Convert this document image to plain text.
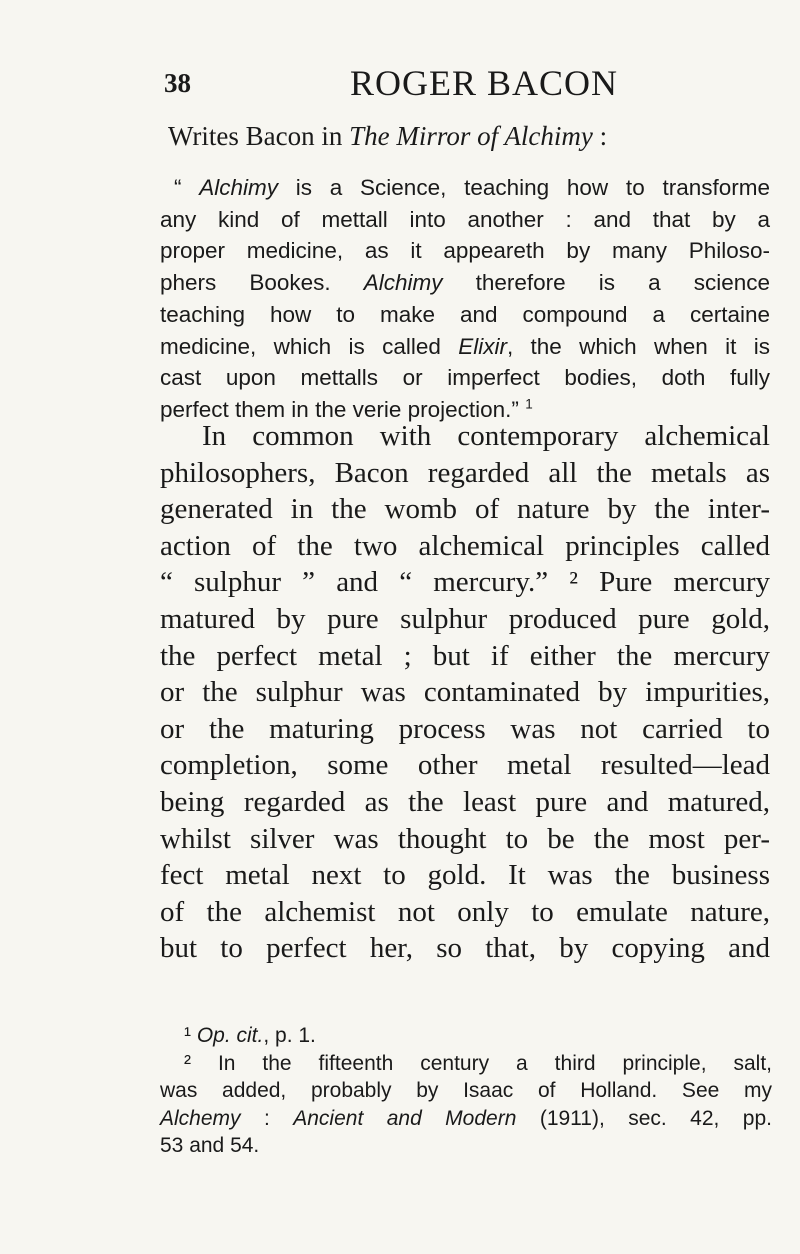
38	ROGER BACON
Writes Bacon in The Mirror of Alchimy :
“ Alchimy is a Science, teaching how to transforme
any kind of mettall into another : and that by a
proper medicine, as it appeareth by many Philoso-
phers Bookes. Alchimy therefore is a science
teaching how to make and compound a certaine
medicine, which is called Elixir, the which when it is
cast upon mettalls or imperfect bodies, doth fully
perfect them in the verie projection.” $^1$
In common with contemporary alchemical
philosophers, Bacon regarded all the metals as
generated in the womb of nature by the inter-
action of the two alchemical principles called
“ sulphur ” and “ mercury.” ² Pure mercury
matured by pure sulphur produced pure gold,
the perfect metal ; but if either the mercury
or the sulphur was contaminated by impurities,
or the maturing process was not carried to
completion, some other metal resulted—lead
being regarded as the least pure and matured,
whilst silver was thought to be the most per-
fect metal next to gold. It was the business
of the alchemist not only to emulate nature,
but to perfect her, so that, by copying and
¹ Op. cit., p. 1.
² In the fifteenth century a third principle, salt,
was added, probably by Isaac of Holland. See my
Alchemy : Ancient and Modern (1911), sec. 42, pp.
53 and 54.
